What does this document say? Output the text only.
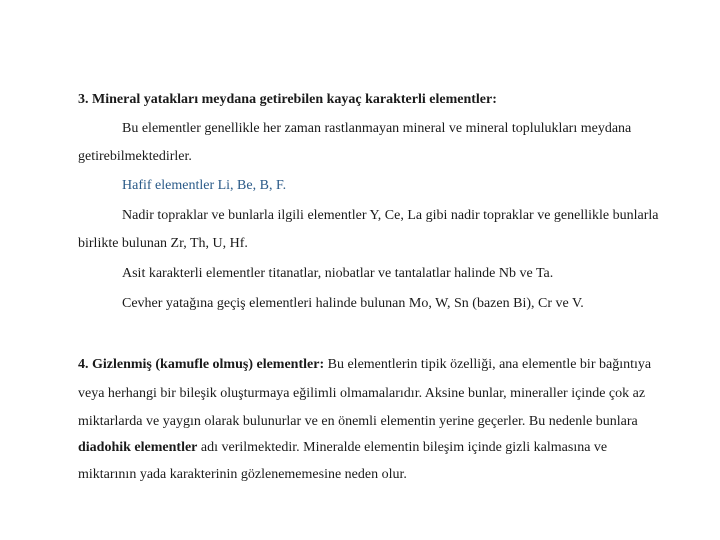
3. Mineral yatakları meydana getirebilen kayaç karakterli elementler:
Bu elementler genellikle her zaman rastlanmayan mineral ve mineral toplulukları meydana
getirebilmektedirler.
Hafif elementler Li, Be, B, F.
Nadir topraklar ve bunlarla ilgili elementler Y, Ce, La gibi nadir topraklar ve genellikle bunlarla
birlikte bulunan Zr, Th, U, Hf.
Asit karakterli elementler titanatlar, niobatlar ve tantalatlar halinde Nb ve Ta.
Cevher yatağına geçiş elementleri halinde bulunan Mo, W, Sn (bazen Bi), Cr ve V.
4. Gizlenmiş (kamufle olmuş) elementler: Bu elementlerin tipik özelliği, ana elementle bir bağıntıya
veya herhangi bir bileşik oluşturmaya eğilimli olmamalarıdır. Aksine bunlar, mineraller içinde çok az
miktarlarda ve yaygın olarak bulunurlar ve en önemli elementin yerine geçerler. Bu nedenle bunlara
diadohik elementler adı verilmektedir. Mineralde elementin bileşim içinde gizli kalmasına ve
miktarının yada karakterinin gözlenememesine neden olur.
